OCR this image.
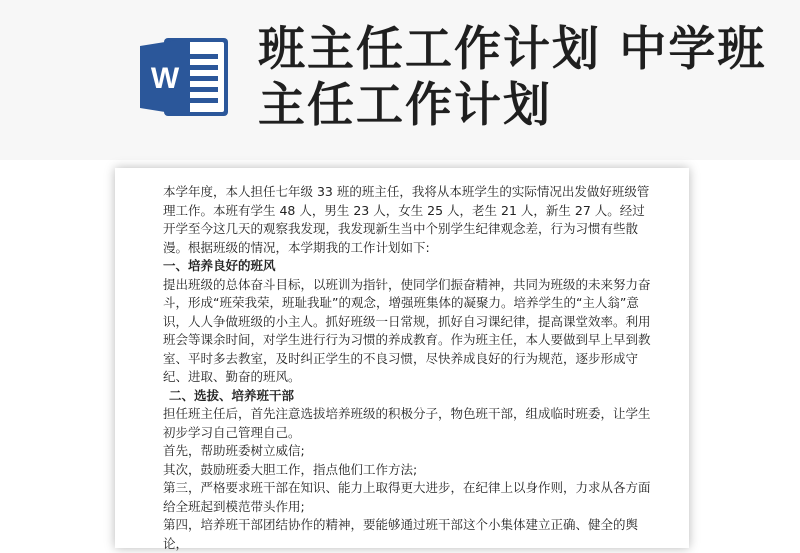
W
班主任工作计划 中学班主任工作计划

本学年度，本人担任七年级 33 班的班主任，我将从本班学生的实际情况出发做好班级管理工作。本班有学生 48 人，男生 23 人，女生 25 人，老生 21 人，新生 27 人。经过开学至今这几天的观察我发现，我发现新生当中个别学生纪律观念差，行为习惯有些散漫。根据班级的情况，本学期我的工作计划如下:

一、培养良好的班风

提出班级的总体奋斗目标，以班训为指针，使同学们振奋精神，共同为班级的未来努力奋斗，形成“班荣我荣，班耻我耻”的观念，增强班集体的凝聚力。培养学生的“主人翁”意识，人人争做班级的小主人。抓好班级一日常规，抓好自习课纪律，提高课堂效率。利用班会等课余时间，对学生进行行为习惯的养成教育。作为班主任，本人要做到早上早到教室、平时多去教室，及时纠正学生的不良习惯，尽快养成良好的行为规范，逐步形成守纪、进取、勤奋的班风。

二、选拔、培养班干部

担任班主任后，首先注意选拔培养班级的积极分子，物色班干部，组成临时班委，让学生初步学习自己管理自己。

首先，帮助班委树立威信;

其次，鼓励班委大胆工作，指点他们工作方法;

第三，严格要求班干部在知识、能力上取得更大进步，在纪律上以身作则，力求从各方面给全班起到模范带头作用;

第四，培养班干部团结协作的精神，要能够通过班干部这个小集体建立正确、健全的舆论，
